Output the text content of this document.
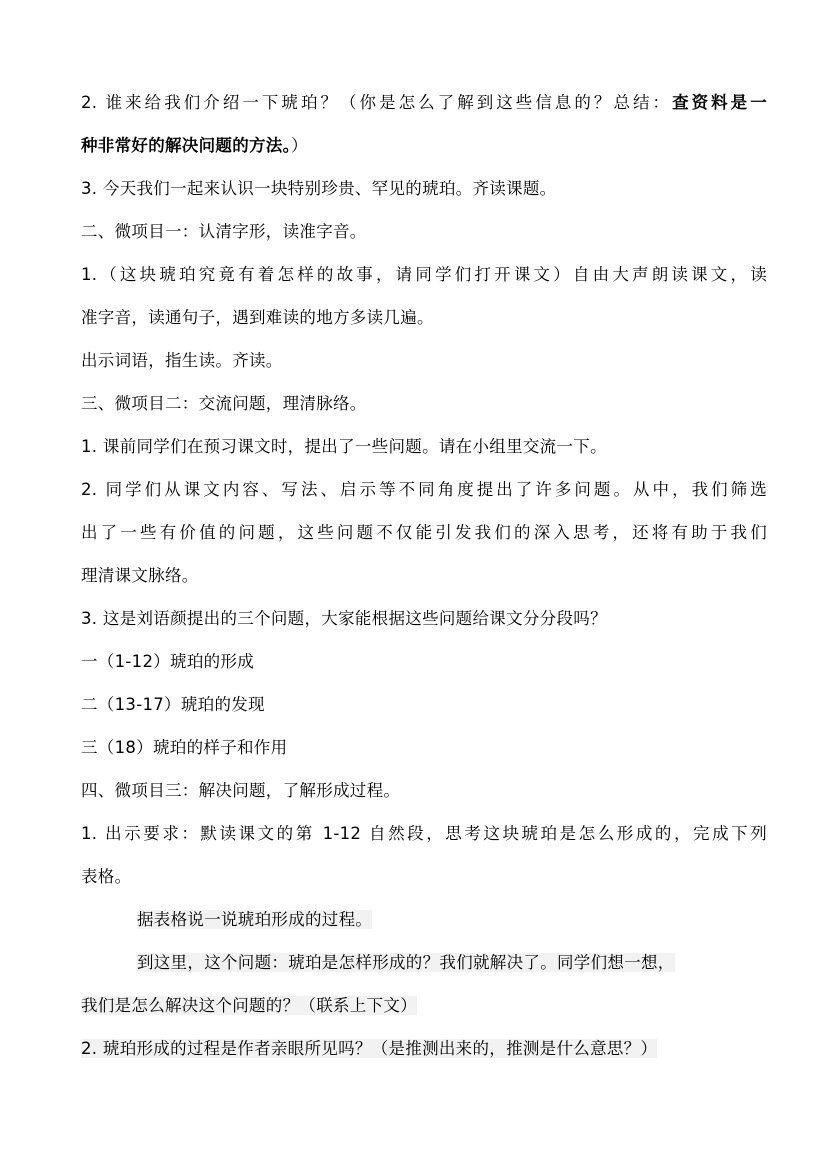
2. 谁来给我们介绍一下琥珀？（你是怎么了解到这些信息的？总结：查资料是一
种非常好的解决问题的方法。）
3. 今天我们一起来认识一块特别珍贵、罕见的琥珀。齐读课题。
二、微项目一：认清字形，读准字音。
1.（这块琥珀究竟有着怎样的故事，请同学们打开课文）自由大声朗读课文，读
准字音，读通句子，遇到难读的地方多读几遍。
出示词语，指生读。齐读。
三、微项目二：交流问题，理清脉络。
1. 课前同学们在预习课文时，提出了一些问题。请在小组里交流一下。
2. 同学们从课文内容、写法、启示等不同角度提出了许多问题。从中，我们筛选
出了一些有价值的问题，这些问题不仅能引发我们的深入思考，还将有助于我们
理清课文脉络。
3. 这是刘语颜提出的三个问题，大家能根据这些问题给课文分分段吗？
一（1-12）琥珀的形成
二（13-17）琥珀的发现
三（18）琥珀的样子和作用
四、微项目三：解决问题，了解形成过程。
1. 出示要求：默读课文的第 1-12 自然段，思考这块琥珀是怎么形成的，完成下列
表格。
据表格说一说琥珀形成的过程。
到这里，这个问题：琥珀是怎样形成的？我们就解决了。同学们想一想，
我们是怎么解决这个问题的？（联系上下文）
2. 琥珀形成的过程是作者亲眼所见吗？（是推测出来的，推测是什么意思？）
